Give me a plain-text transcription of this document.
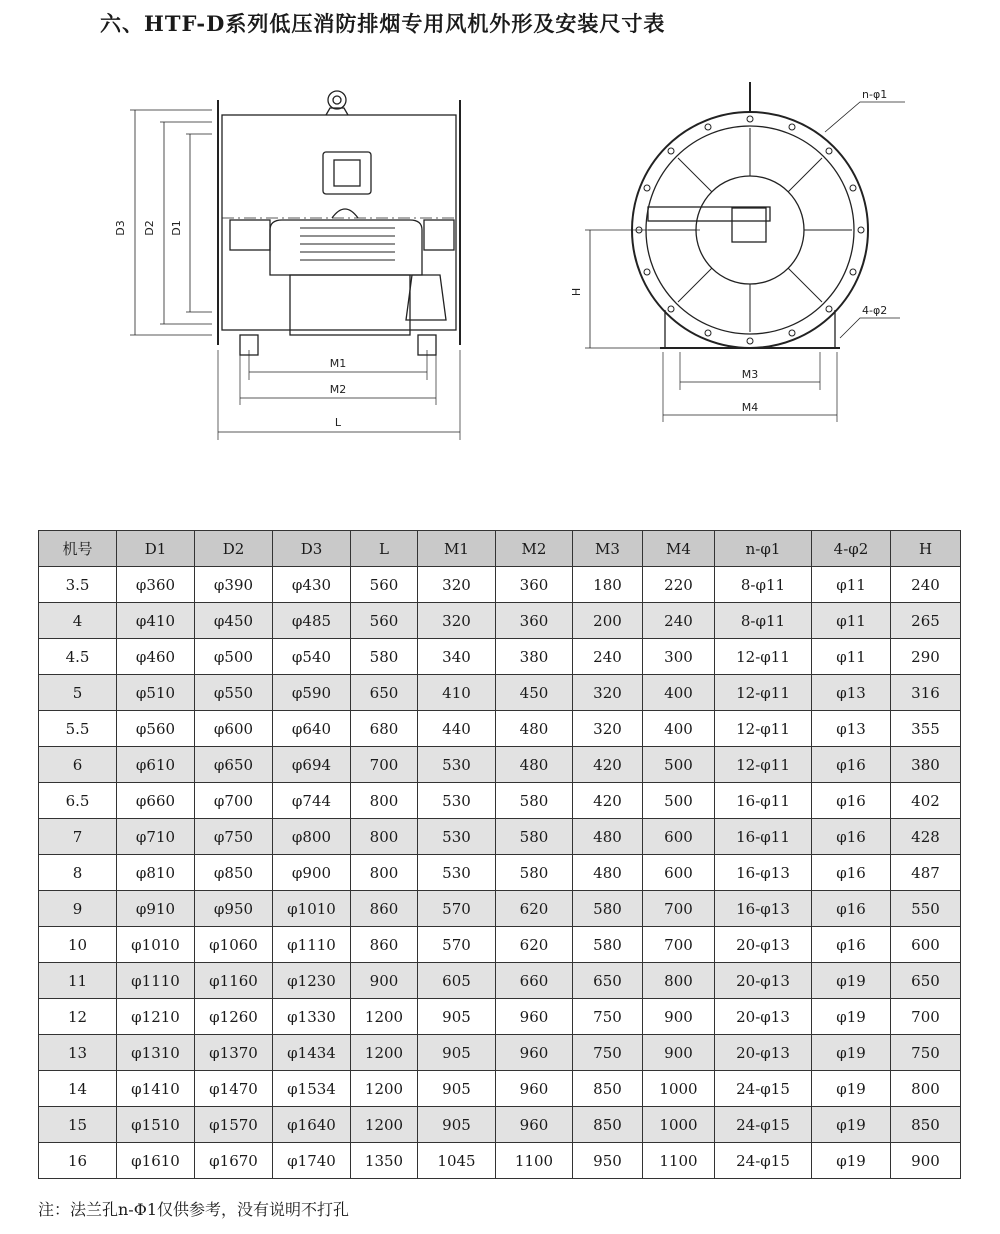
六、HTF-D系列低压消防排烟专用风机外形及安装尺寸表
D3 D2 D1
M1
M2
L
n-φ1
H
4-φ2
M3
M4
机号	D1	D2	D3	L	M1	M2	M3	M4	n-φ1	4-φ2	H
3.5	φ360	φ390	φ430	560	320	360	180	220	8-φ11	φ11	240
4	φ410	φ450	φ485	560	320	360	200	240	8-φ11	φ11	265
4.5	φ460	φ500	φ540	580	340	380	240	300	12-φ11	φ11	290
5	φ510	φ550	φ590	650	410	450	320	400	12-φ11	φ13	316
5.5	φ560	φ600	φ640	680	440	480	320	400	12-φ11	φ13	355
6	φ610	φ650	φ694	700	530	480	420	500	12-φ11	φ16	380
6.5	φ660	φ700	φ744	800	530	580	420	500	16-φ11	φ16	402
7	φ710	φ750	φ800	800	530	580	480	600	16-φ11	φ16	428
8	φ810	φ850	φ900	800	530	580	480	600	16-φ13	φ16	487
9	φ910	φ950	φ1010	860	570	620	580	700	16-φ13	φ16	550
10	φ1010	φ1060	φ1110	860	570	620	580	700	20-φ13	φ16	600
11	φ1110	φ1160	φ1230	900	605	660	650	800	20-φ13	φ19	650
12	φ1210	φ1260	φ1330	1200	905	960	750	900	20-φ13	φ19	700
13	φ1310	φ1370	φ1434	1200	905	960	750	900	20-φ13	φ19	750
14	φ1410	φ1470	φ1534	1200	905	960	850	1000	24-φ15	φ19	800
15	φ1510	φ1570	φ1640	1200	905	960	850	1000	24-φ15	φ19	850
16	φ1610	φ1670	φ1740	1350	1045	1100	950	1100	24-φ15	φ19	900
注：法兰孔n-Φ1仅供参考，没有说明不打孔
